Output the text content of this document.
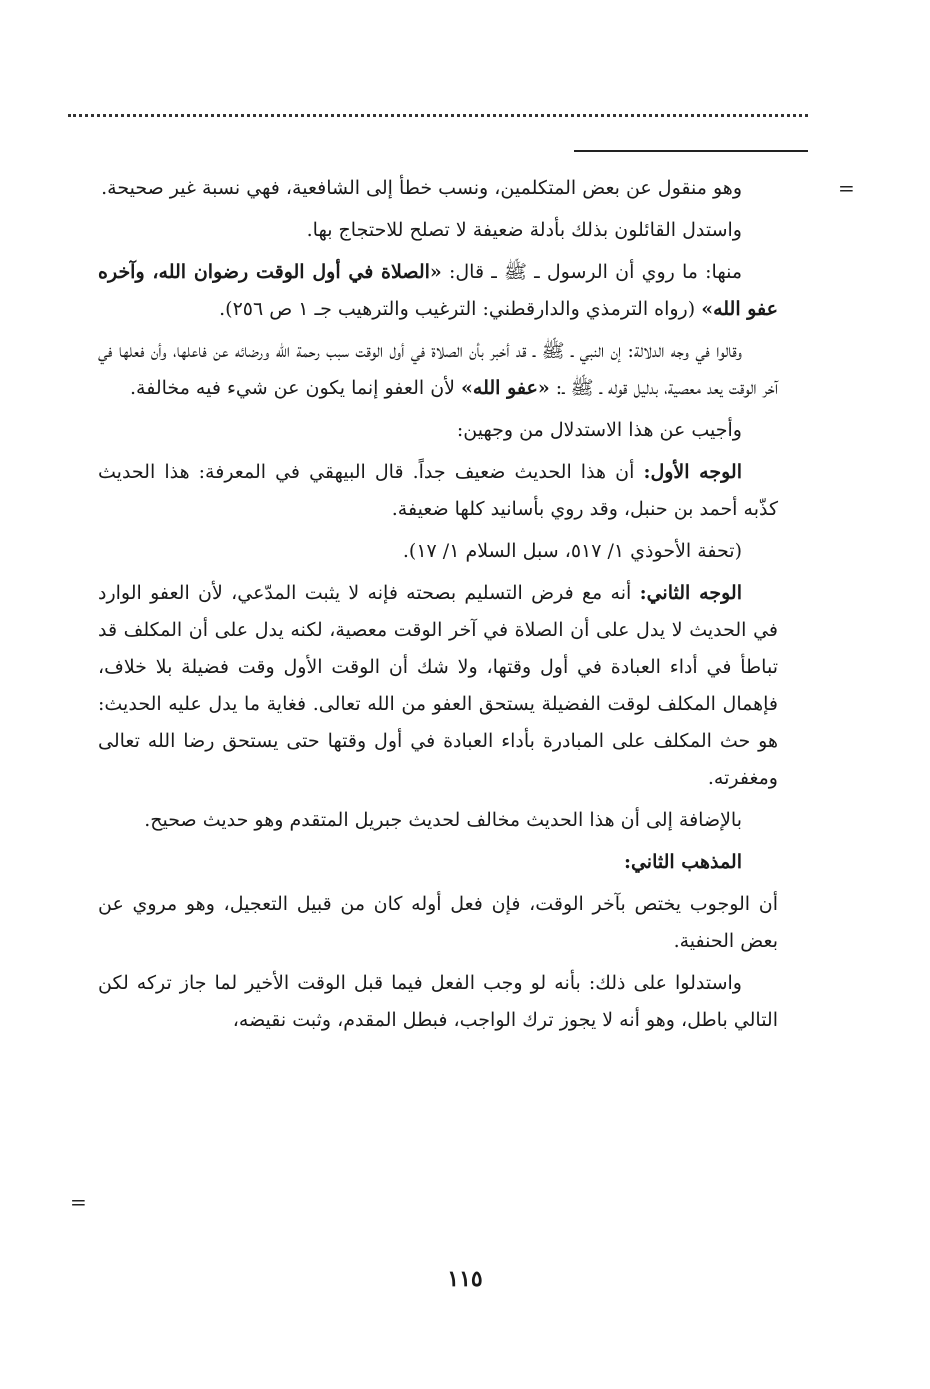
=
=

وهو منقول عن بعض المتكلمين، ونسب خطأ إلى الشافعية، فهي نسبة غير صحيحة.

واستدل القائلون بذلك بأدلة ضعيفة لا تصلح للاحتجاج بها.

منها: ما روي أن الرسول ـ ﷺ ـ قال: «الصلاة في أول الوقت رضوان الله، وآخره عفو الله» (رواه الترمذي والدارقطني: الترغيب والترهيب جـ ١ ص ٢٥٦).

وقالوا في وجه الدلالة: إن النبي ـ ﷺ ـ قد أخبر بأن الصلاة في أول الوقت سبب رحمة الله ورضائه عن فاعلها، وأن فعلها في آخر الوقت يعد معصية، بدليل قوله ـ ﷺ ـ: «عفو الله» لأن العفو إنما يكون عن شيء فيه مخالفة.

وأجيب عن هذا الاستدلال من وجهين:

الوجه الأول: أن هذا الحديث ضعيف جداً. قال البيهقي في المعرفة: هذا الحديث كذّبه أحمد بن حنبل، وقد روي بأسانيد كلها ضعيفة.

(تحفة الأحوذي ١/ ٥١٧، سبل السلام ١/ ١٧).

الوجه الثاني: أنه مع فرض التسليم بصحته فإنه لا يثبت المدّعي، لأن العفو الوارد في الحديث لا يدل على أن الصلاة في آخر الوقت معصية، لكنه يدل على أن المكلف قد تباطأ في أداء العبادة في أول وقتها، ولا شك أن الوقت الأول وقت فضيلة بلا خلاف، فإهمال المكلف لوقت الفضيلة يستحق العفو من الله تعالى. فغاية ما يدل عليه الحديث: هو حث المكلف على المبادرة بأداء العبادة في أول وقتها حتى يستحق رضا الله تعالى ومغفرته.

بالإضافة إلى أن هذا الحديث مخالف لحديث جبريل المتقدم وهو حديث صحيح.

المذهب الثاني:

أن الوجوب يختص بآخر الوقت، فإن فعل أوله كان من قبيل التعجيل، وهو مروي عن بعض الحنفية.

واستدلوا على ذلك: بأنه لو وجب الفعل فيما قبل الوقت الأخير لما جاز تركه لكن التالي باطل، وهو أنه لا يجوز ترك الواجب، فبطل المقدم، وثبت نقيضه،

١١٥
